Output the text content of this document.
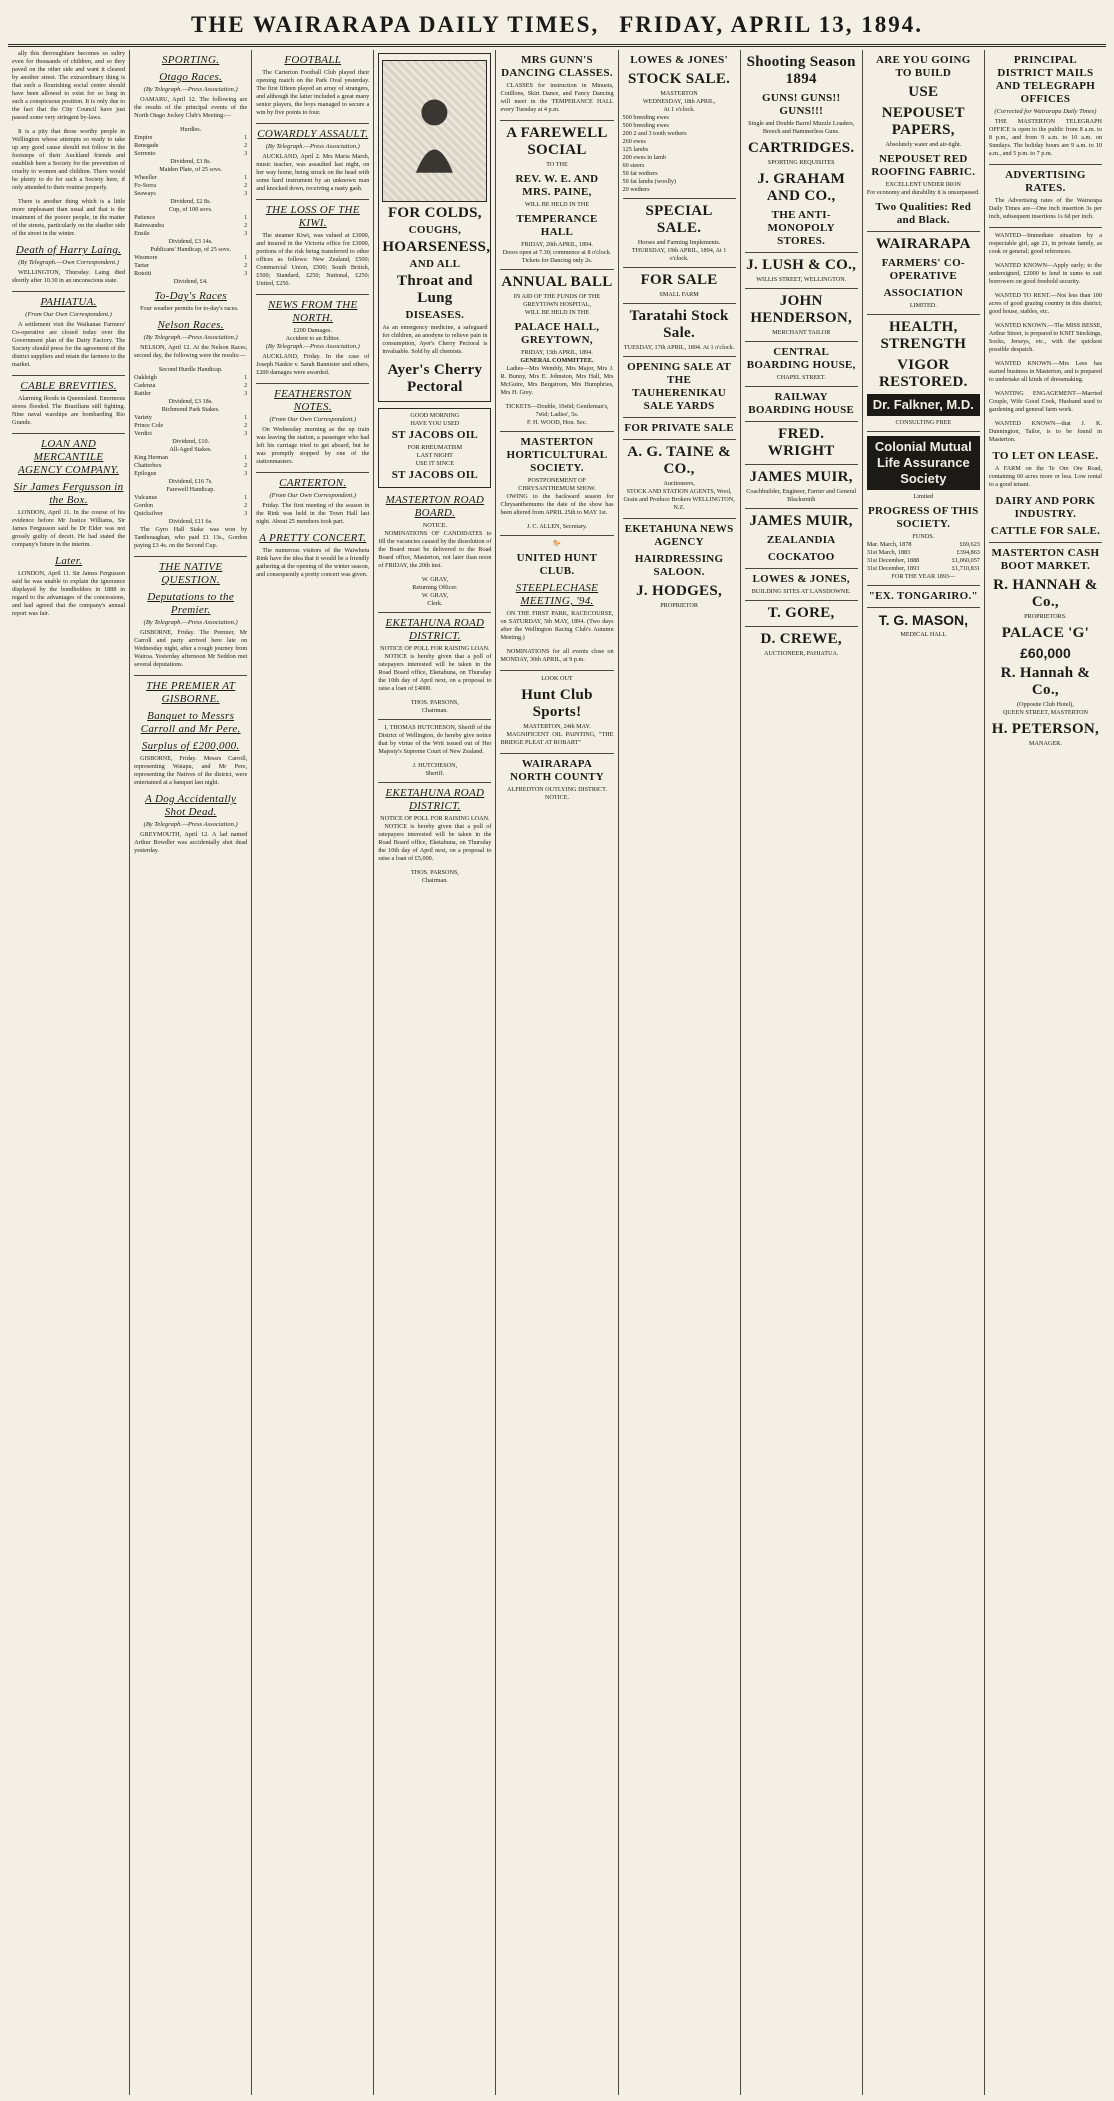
THE WAIRARAPA DAILY TIMES, FRIDAY, APRIL 13, 1894.

ally this thoroughfare becomes so sultry even for thousands of children, and so they paved on the other side and want it cleared by another street. The extraordinary thing is that such a flourishing social centre should have been allowed to exist for so long in such a conspicuous position. It is only due to the fact that the City Council have just passed some very stringent by-laws.

It is a pity that those worthy people in Wellington whose attempts so ready to take up any good cause should not follow in the footsteps of their Auckland friends and establish here a Society for the prevention of cruelty to women and children. There would be plenty to do for such a Society here, if only attended to their routine properly.

There is another thing which is a little more unpleasant than usual and that is the treatment of the poorer people, in the matter of the streets, particularly on the shadier side of the street in the winter.

Death of Harry Laing.
(By Telegraph.—Own Correspondent.)

WELLINGTON, Thursday. Laing died shortly after 10.30 in an unconscious state.

PAHIATUA.
(From Our Own Correspondent.)

A settlement visit the Waikanae Farmers' Co-operative are closed today over the Government plan of the Dairy Factory. The Society should press for the agreement of the district suppliers and retain the farmers to the market.

CABLE BREVITIES.

Alarming floods in Queensland. Enormous stores flooded. The Brazilians still fighting. Nine naval warships are bombarding Rio Grande.

LOAN AND MERCANTILE AGENCY COMPANY.
Sir James Fergusson in the Box.

LONDON, April 11. In the course of his evidence before Mr Justice Williams, Sir James Fergusson said he Dr Elder was not grossly guilty of deceit. He had stated the company's future in the interim.

Later.

LONDON, April 11. Sir James Fergusson said he was unable to explain the ignorance displayed by the bondholders in 1888 in regard to the advantages of the concessions, and had agreed that the company's annual report was fair.

SPORTING.
Otago Races.
(By Telegraph.—Press Association.)

OAMARU, April 12. The following are the results of the principal events of the North Otago Jockey Club's Meeting:—

Hurdles.
Empire	1
Renegade	2
Sorrento	3
Dividend, £3 8s.
Maiden Plate, of 25 sovs.
Wheeller	1
Fo-Sorra	2
Seaways	3
Dividend, £2 8s.
Cup, of 100 sovs.
Patience	1
Rainwandra	2
Ensile	3
Dividend, £3 14s.
Publicans' Handicap, of 25 sovs.
Wesmore	1
Tartar	2
Rotoiti	3
Dividend, £4.
To-Day's Races

Four weather permits for to-day's races.

Nelson Races.
(By Telegraph.—Press Association.)

NELSON, April 12. At the Nelson Races, second day, the following were the results:—

Second Hurdle Handicap.
Oakleigh	1
Cadenza	2
Rattler	3
Dividend, £3 18s.
Richmond Park Stakes.
Variety	1
Prince Cole	2
Verdict	3
Dividend, £10.
All-Aged Stakes.
King Herman	1
Chatterbox	2
Epilogue	3
Dividend, £16 7s.
Farewell Handicap.
Vulcanus	1
Gordon	2
Quicksilver	3
Dividend, £11 6s.

The Gyro Hall Stake was won by Tanthouaghan, who paid £1 13s., Gordon paying £3 4s. on the Second Cup.

THE NATIVE QUESTION.
Deputations to the Premier.
(By Telegraph.—Press Association.)

GISBORNE, Friday. The Premier, Mr Carroll and party arrived here late on Wednesday night, after a rough journey from Wairoa. Yesterday afternoon Mr Seddon met several deputations.

THE PREMIER AT GISBORNE.
Banquet to Messrs Carroll and Mr Pere.
Surplus of £200,000.

GISBORNE, Friday. Messrs Carroll, representing Waiapu, and Mr Pere, representing the Natives of the district, were entertained at a banquet last night.

A Dog Accidentally Shot Dead.
(By Telegraph.—Press Association.)

GREYMOUTH, April 12. A lad named Arthur Bowdler was accidentally shot dead yesterday.

FOOTBALL

The Carterton Football Club played their opening match on the Park Oval yesterday. The first fifteen played an array of strangers, and although the latter included a great many senior players, the boys managed to secure a win by five points to four.

COWARDLY ASSAULT.
(By Telegraph.—Press Association.)

AUCKLAND, April 2. Mrs Maria Marsh, music teacher, was assaulted last night, on her way home, being struck on the head with some hard instrument by an unknown man and knocked down, receiving a nasty gash.

THE LOSS OF THE KIWI.

The steamer Kiwi, was valued at £3000, and insured in the Victoria office for £3000, portions of the risk being transferred to other offices as follows: New Zealand, £500; Commercial Union, £500; South British, £500; Standard, £250; National, £250; United, £250.

NEWS FROM THE NORTH.
£200 Damages.
Accident to an Editor.
(By Telegraph.—Press Association.)

AUCKLAND, Friday. In the case of Joseph Nankie v. Sarah Bannister and others, £200 damages were awarded.

FEATHERSTON NOTES.
(From Our Own Correspondent.)

On Wednesday morning as the up train was leaving the station, a passenger who had left his carriage tried to get aboard, but he was promptly stopped by one of the stationmasters.

CARTERTON.
(From Our Own Correspondent.)

Friday. The first meeting of the season in the Rink was held in the Town Hall last night. About 25 members took part.

A PRETTY CONCERT.

The numerous visitors of the Waiwhetu Rink have the idea that it would be a friendly gathering at the opening of the winter season, and consequently a pretty concert was given.

FOR COLDS,
COUGHS,
HOARSENESS,
AND ALL
Throat and Lung
DISEASES.

As an emergency medicine, a safeguard for children, an anodyne to relieve pain in consumption, Ayer's Cherry Pectoral is invaluable. Sold by all chemists.

Ayer's Cherry Pectoral
GOOD MORNING
HAVE YOU USED
ST JACOBS OIL
FOR RHEUMATISM
LAST NIGHT
USE IT SINCE
ST JACOBS OIL
MASTERTON ROAD BOARD.
NOTICE.

NOMINATIONS OF CANDIDATES to fill the vacancies caused by the dissolution of the Board must be delivered to the Road Board office, Masterton, not later than noon of FRIDAY, the 20th inst.

W. GRAY,
Returning Officer.
W. GRAY,
Clerk.
EKETAHUNA ROAD DISTRICT.
NOTICE OF POLL FOR RAISING LOAN.

NOTICE is hereby given that a poll of ratepayers interested will be taken in the Road Board office, Eketahuna, on Thursday the 10th day of April next, on a proposal to raise a loan of £4000.

THOS. PARSONS,
Chairman.

I, THOMAS HUTCHESON, Sheriff of the District of Wellington, do hereby give notice that by virtue of the Writ issued out of Her Majesty's Supreme Court of New Zealand.

J. HUTCHESON,
Sheriff.
EKETAHUNA ROAD DISTRICT.
NOTICE OF POLL FOR RAISING LOAN.

NOTICE is hereby given that a poll of ratepayers interested will be taken in the Road Board office, Eketahuna, on Thursday the 10th day of April next, on a proposal to raise a loan of £5,000.

THOS. PARSONS,
Chairman.
MRS GUNN'S DANCING CLASSES.

CLASSES for instruction in Minuets, Cotillons, Skirt Dance, and Fancy Dancing will meet in the TEMPERANCE HALL every Tuesday at 4 p.m.

A FAREWELL SOCIAL
TO THE
REV. W. E. AND MRS. PAINE,
WILL BE HELD IN THE
TEMPERANCE HALL
FRIDAY, 20th APRIL, 1894.
Doors open at 7.30; commence at 8 o'clock.
Tickets for Dancing only 2s.
ANNUAL BALL
IN AID OF THE FUNDS OF THE GREYTOWN HOSPITAL,
WILL BE HELD IN THE
PALACE HALL, GREYTOWN,
FRIDAY, 13th APRIL, 1894.
GENERAL COMMITTEE.

Ladies—Mrs Wembly, Mrs Major, Mrs J. R. Bunny, Mrs E. Johnston, Mrs Hall, Mrs McGuire, Mrs Bergstrom, Mrs Humphries, Mrs H. Grey.

TICKETS—Double, 10s6d; Gentleman's, 7s6d; Ladies', 5s.
F. H. WOOD, Hon. Sec.
MASTERTON HORTICULTURAL SOCIETY.
POSTPONEMENT OF CHRYSANTHEMUM SHOW.

OWING to the backward season for Chrysanthemums the date of the show has been altered from APRIL 25th to MAY 1st.

J. C. ALLEN, Secretary.
🐎
UNITED HUNT CLUB.
STEEPLECHASE MEETING, '94.

ON THE FIRST PARK, RACECOURSE, on SATURDAY, 5th MAY, 1894. (Two days after the Wellington Racing Club's Autumn Meeting.)

NOMINATIONS for all events close on MONDAY, 30th APRIL, at 9 p.m.

LOOK OUT
Hunt Club Sports!
MASTERTON, 24th MAY.

MAGNIFICENT OIL PAINTING, "THE BRIDGE PLEAT AT ROBART"

WAIRARAPA NORTH COUNTY
ALFREDTON OUTLYING DISTRICT.
NOTICE.
LOWES & JONES'
STOCK SALE.
MASTERTON
WEDNESDAY, 18th APRIL,
At 1 o'clock.
500 breeding ewes
500 breeding ewes
200 2 and 3 tooth wethers
260 ewes
125 lambs
200 ewes in lamb
60 steers
50 fat wethers
50 fat lambs (woolly)
20 wethers
SPECIAL SALE.
Horses and Farming Implements.
THURSDAY, 19th APRIL, 1894, At 1 o'clock.
FOR SALE
SMALL FARM
Taratahi Stock Sale.
TUESDAY, 17th APRIL, 1894. At 1 o'clock.
OPENING SALE AT THE TAUHERENIKAU SALE YARDS
FOR PRIVATE SALE
A. G. TAINE & CO.,
Auctioneers,

STOCK AND STATION AGENTS, Wool, Grain and Produce Brokers WELLINGTON, N.Z.

EKETAHUNA NEWS AGENCY
HAIRDRESSING SALOON.
J. HODGES,
PROPRIETOR
Shooting Season 1894
GUNS! GUNS!! GUNS!!!
Single and Double Barrel Muzzle Loaders, Breech and Hammerless Guns.
CARTRIDGES.
SPORTING REQUISITES
J. GRAHAM AND CO.,
THE ANTI-MONOPOLY STORES.
J. LUSH & CO.,
WILLIS STREET, WELLINGTON.
JOHN HENDERSON,
MERCHANT TAILOR
CENTRAL BOARDING HOUSE,
CHAPEL STREET.
RAILWAY BOARDING HOUSE
FRED. WRIGHT
JAMES MUIR,
Coachbuilder, Engineer, Farrier and General Blacksmith
JAMES MUIR,
ZEALANDIA
COCKATOO
LOWES & JONES,
BUILDING SITES AT LANSDOWNE.
T. GORE,
D. CREWE,
AUCTIONEER, PAHIATUA.
ARE YOU GOING TO BUILD
USE
NEPOUSET PAPERS,
Absolutely water and air-tight.
NEPOUSET RED ROOFING FABRIC.
EXCELLENT UNDER IRON
For economy and durability it is unsurpassed.
Two Qualities: Red and Black.
WAIRARAPA
FARMERS' CO-OPERATIVE
ASSOCIATION
LIMITED.
HEALTH, STRENGTH
VIGOR RESTORED.
Dr. Falkner, M.D.
CONSULTING FREE
Colonial Mutual Life Assurance Society
Limited
PROGRESS OF THIS SOCIETY.
FUNDS.
Mar. March, 1878	£69,623
31st March, 1883	£394,863
31st December, 1888	£1,060,057
31st December, 1893	£1,710,831
FOR THE YEAR 1893—
"EX. TONGARIRO."
T. G. MASON,
MEDICAL HALL
PRINCIPAL DISTRICT MAILS AND TELEGRAPH OFFICES
(Corrected for Wairarapa Daily Times)

THE MASTERTON TELEGRAPH OFFICE is open to the public from 8 a.m. to 8 p.m., and from 9 a.m. to 10 a.m. on Sundays. The holiday hours are 9 a.m. to 10 a.m., and 5 p.m. to 7 p.m.

ADVERTISING RATES.

The Advertising rates of the Wairarapa Daily Times are—One inch insertion 3s per inch, subsequent insertions 1s 6d per inch.

WANTED—Immediate situation by a respectable girl, age 21, in private family, as cook or general; good references.

WANTED KNOWN—Apply early; to the undersigned, £2000 to lend in sums to suit borrowers on good freehold security.

WANTED TO RENT.—Not less than 100 acres of good grazing country in this district; good house, stables, etc.

WANTED KNOWN.—The MISS BESSE, Arthur Street, is prepared to KNIT Stockings, Socks, Jerseys, etc., with the quickest possible despatch.

WANTED KNOWN.—Mrs Lees has started business in Masterton, and is prepared to undertake all kinds of dressmaking.

WANTING ENGAGEMENT—Married Couple, Wife Good Cook, Husband used to gardening and general farm work.

WANTED KNOWN—that J. K. Dunnington, Tailor, is to be found in Masterton.

TO LET ON LEASE.

A FARM on the Te Ore Ore Road, containing 60 acres more or less. Low rental to a good tenant.

DAIRY AND PORK INDUSTRY.
CATTLE FOR SALE.
MASTERTON CASH BOOT MARKET.
R. HANNAH & Co.,
PROPRIETORS.
PALACE 'G'
£60,000
R. Hannah & Co.,
(Opposite Club Hotel),
QUEEN STREET, MASTERTON
H. PETERSON,
MANAGER.
